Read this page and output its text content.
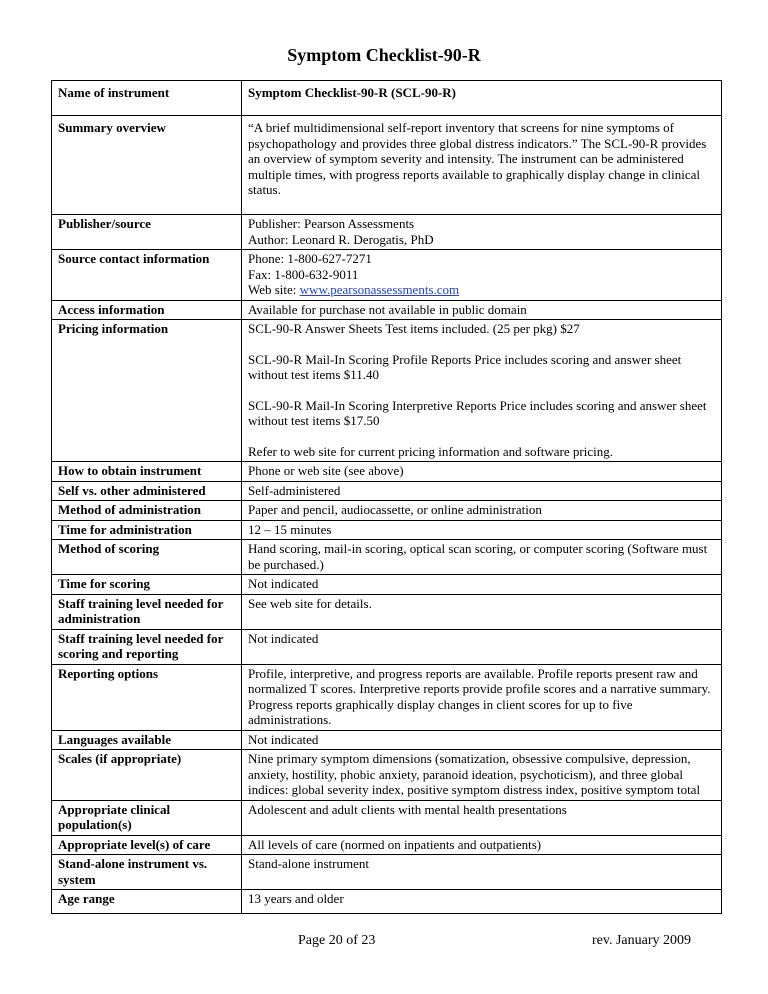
Symptom Checklist-90-R
Name of instrument	Symptom Checklist-90-R (SCL-90-R)

Summary overview	“A brief multidimensional self-report inventory that screens for nine symptoms of psychopathology and provides three global distress indicators.” The SCL-90-R provides an overview of symptom severity and intensity. The instrument can be administered multiple times, with progress reports available to graphically display change in clinical status.

Publisher/source	Publisher: Pearson Assessments
Author: Leonard R. Derogatis, PhD

Source contact information	Phone: 1-800-627-7271
Fax: 1-800-632-9011
Web site: www.pearsonassessments.com

Access information	Available for purchase not available in public domain

Pricing information	SCL-90-R Answer Sheets Test items included. (25 per pkg) $27
SCL-90-R Mail-In Scoring Profile Reports Price includes scoring and answer sheet without test items $11.40
SCL-90-R Mail-In Scoring Interpretive Reports Price includes scoring and answer sheet without test items $17.50
Refer to web site for current pricing information and software pricing.

How to obtain instrument	Phone or web site (see above)

Self vs. other administered	Self-administered

Method of administration	Paper and pencil, audiocassette, or online administration

Time for administration	12 – 15 minutes

Method of scoring	Hand scoring, mail-in scoring, optical scan scoring, or computer scoring (Software must be purchased.)

Time for scoring	Not indicated

Staff training level needed for administration	See web site for details.

Staff training level needed for scoring and reporting	Not indicated

Reporting options	Profile, interpretive, and progress reports are available. Profile reports present raw and normalized T scores. Interpretive reports provide profile scores and a narrative summary. Progress reports graphically display changes in client scores for up to five administrations.

Languages available	Not indicated

Scales (if appropriate)	Nine primary symptom dimensions (somatization, obsessive compulsive, depression, anxiety, hostility, phobic anxiety, paranoid ideation, psychoticism), and three global indices: global severity index, positive symptom distress index, positive symptom total

Appropriate clinical population(s)	Adolescent and adult clients with mental health presentations

Appropriate level(s) of care	All levels of care (normed on inpatients and outpatients)

Stand-alone instrument vs. system	Stand-alone instrument

Age range	13 years and older
Page 20 of 23	rev. January 2009
